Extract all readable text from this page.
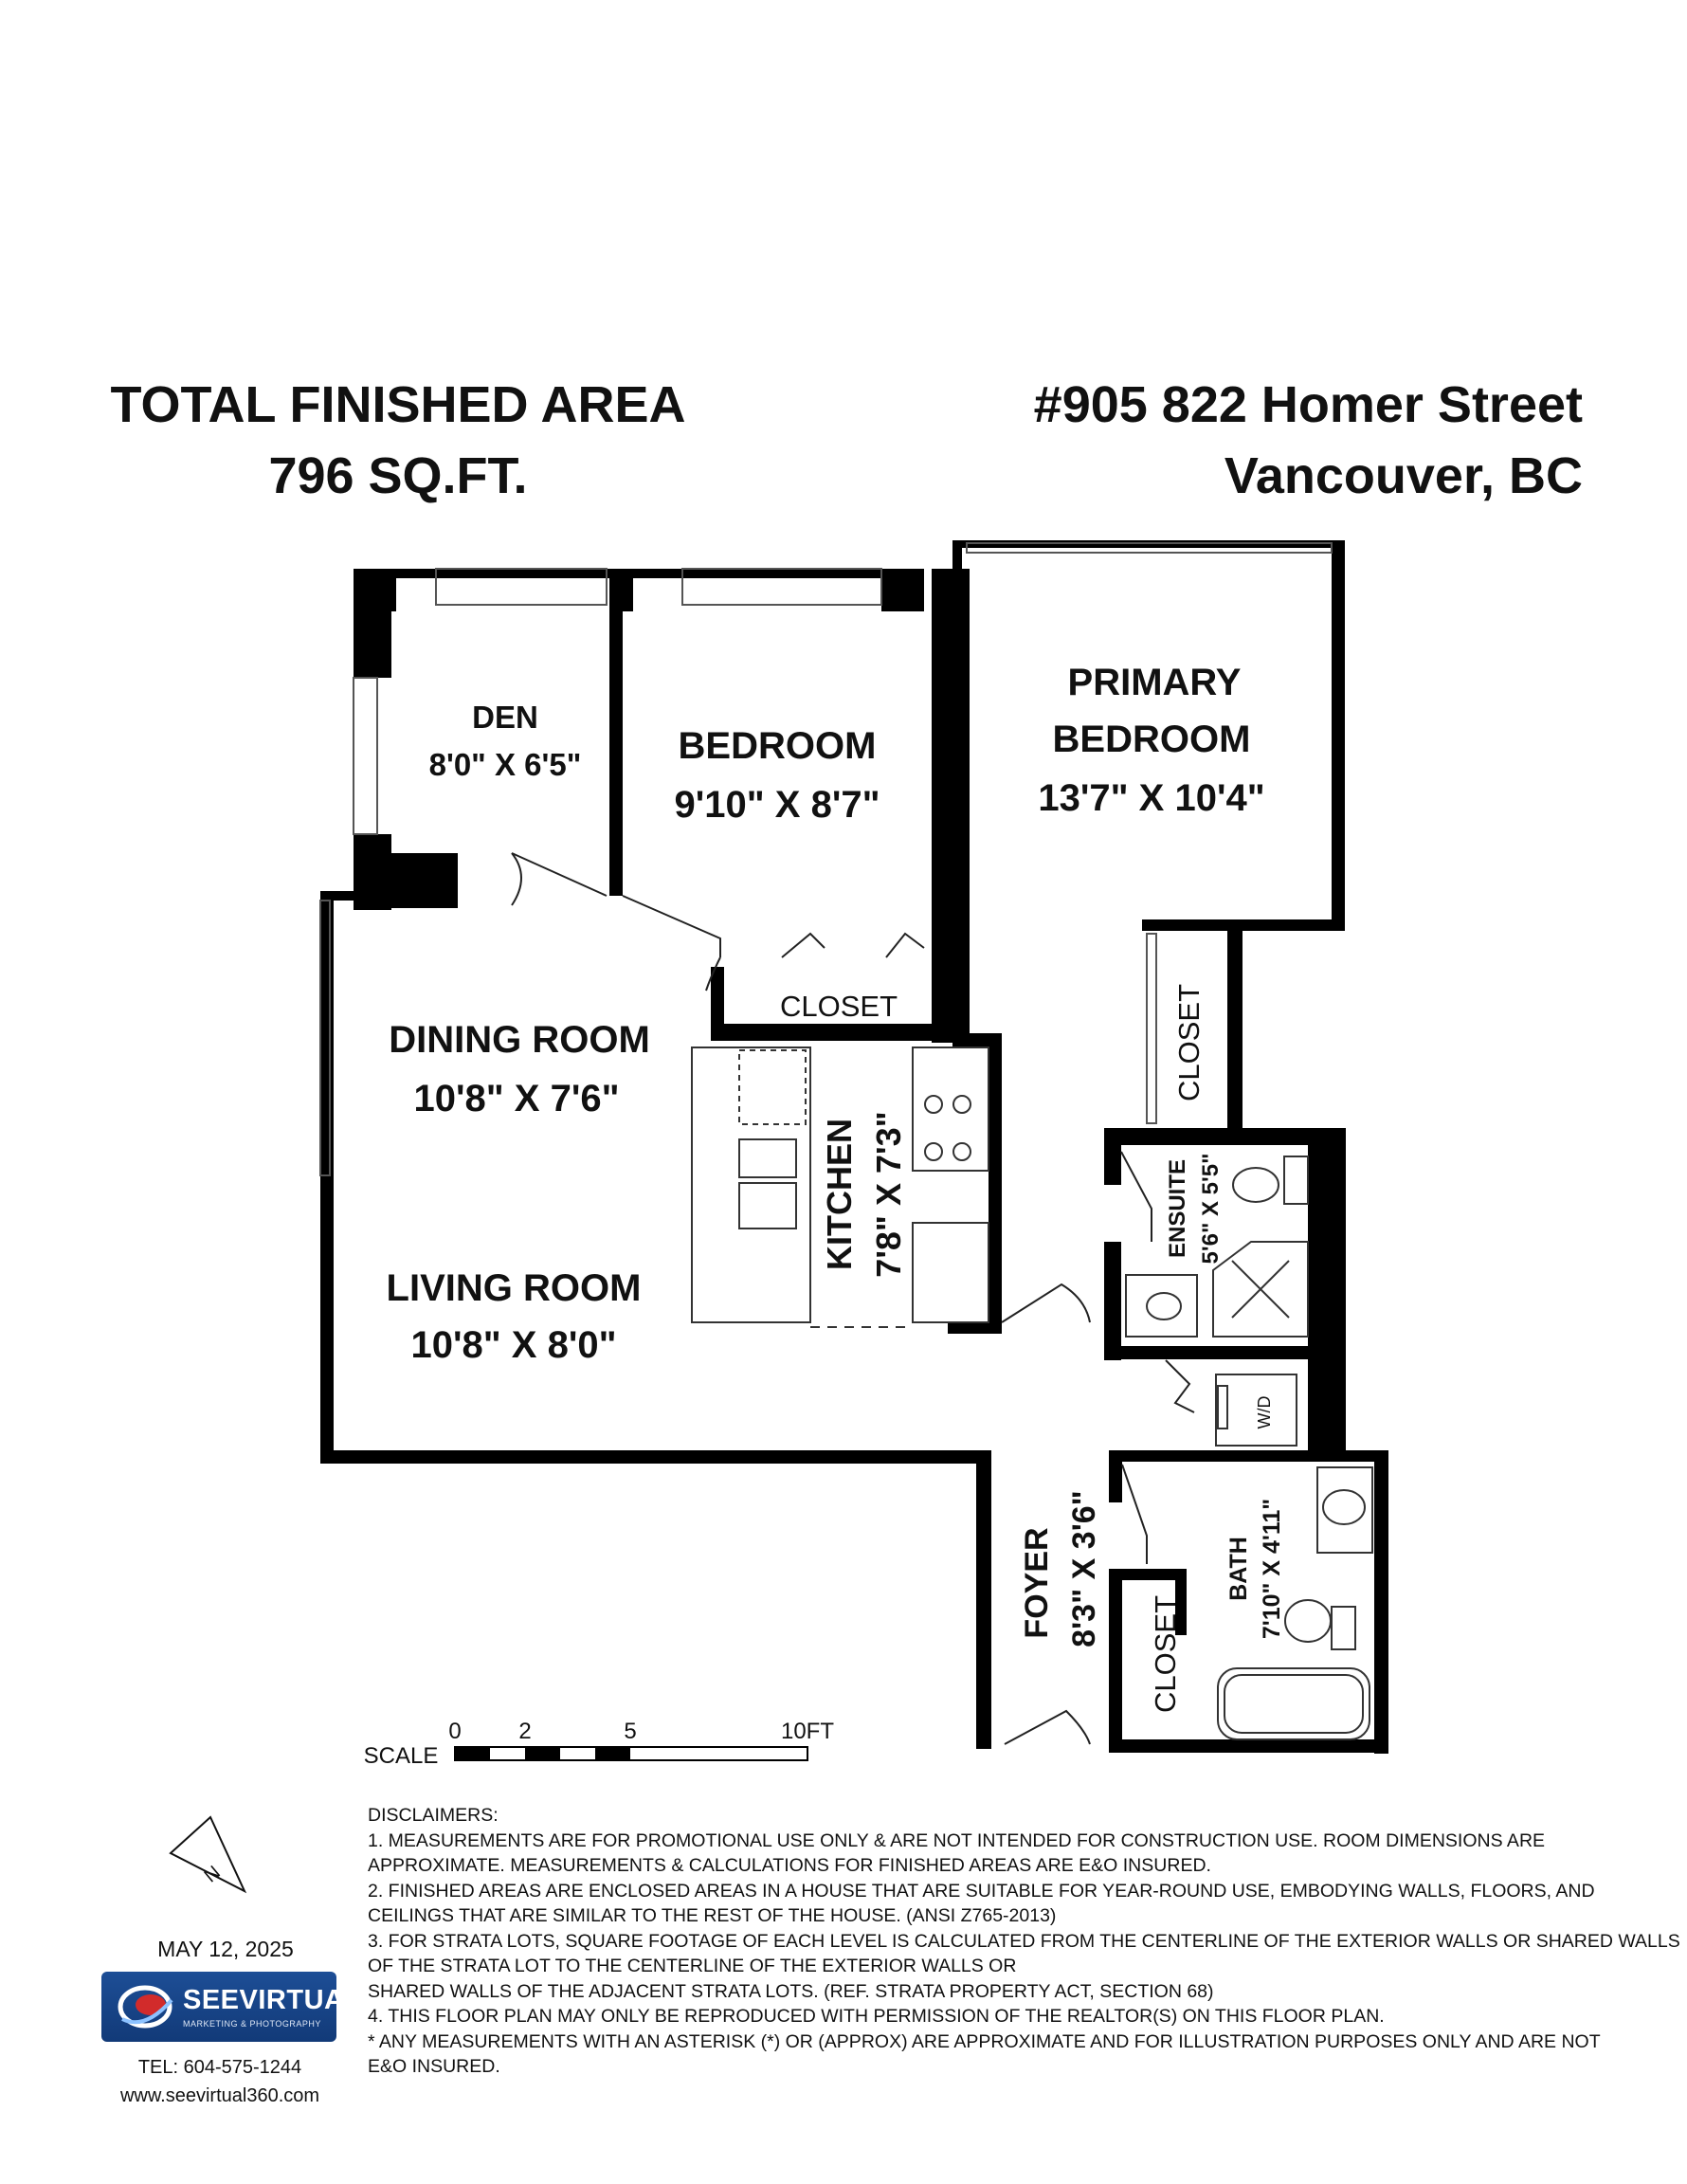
TOTAL FINISHED AREA
796 SQ.FT.
#905 822 Homer Street
Vancouver, BC
DEN
8'0" X 6'5"	BEDROOM
9'10" X 8'7"
PRIMARY
BEDROOM
13'7" X 10'4"
CLOSET	CLOSET
DINING ROOM
10'8" X 7'6"
LIVING ROOM
10'8" X 8'0"
KITCHEN 7'8" X 7'3"	ENSUITE 5'6" X 5'5"
W/D
FOYER 8'3" X 3'6"
CLOSET
BATH 7'10" X 4'11"
SCALE
0	2	5	10FT
N
DISCLAIMERS:
1. MEASUREMENTS ARE FOR PROMOTIONAL USE ONLY & ARE NOT INTENDED FOR CONSTRUCTION USE. ROOM DIMENSIONS ARE
APPROXIMATE. MEASUREMENTS & CALCULATIONS FOR FINISHED AREAS ARE E&O INSURED.
2. FINISHED AREAS ARE ENCLOSED AREAS IN A HOUSE THAT ARE SUITABLE FOR YEAR-ROUND USE, EMBODYING WALLS, FLOORS, AND
CEILINGS THAT ARE SIMILAR TO THE REST OF THE HOUSE. (ANSI Z765-2013)
3. FOR STRATA LOTS, SQUARE FOOTAGE OF EACH LEVEL IS CALCULATED FROM THE CENTERLINE OF THE EXTERIOR WALLS OR SHARED WALLS
OF THE STRATA LOT TO THE CENTERLINE OF THE EXTERIOR WALLS OR
SHARED WALLS OF THE ADJACENT STRATA LOTS. (REF. STRATA PROPERTY ACT, SECTION 68)
4. THIS FLOOR PLAN MAY ONLY BE REPRODUCED WITH PERMISSION OF THE REALTOR(S) ON THIS FLOOR PLAN.
* ANY MEASUREMENTS WITH AN ASTERISK (*) OR (APPROX) ARE APPROXIMATE AND FOR ILLUSTRATION PURPOSES ONLY AND ARE NOT
E&O INSURED.
MAY 12, 2025
SEEVIRTUAL
MARKETING & PHOTOGRAPHY
TEL: 604-575-1244
www.seevirtual360.com
